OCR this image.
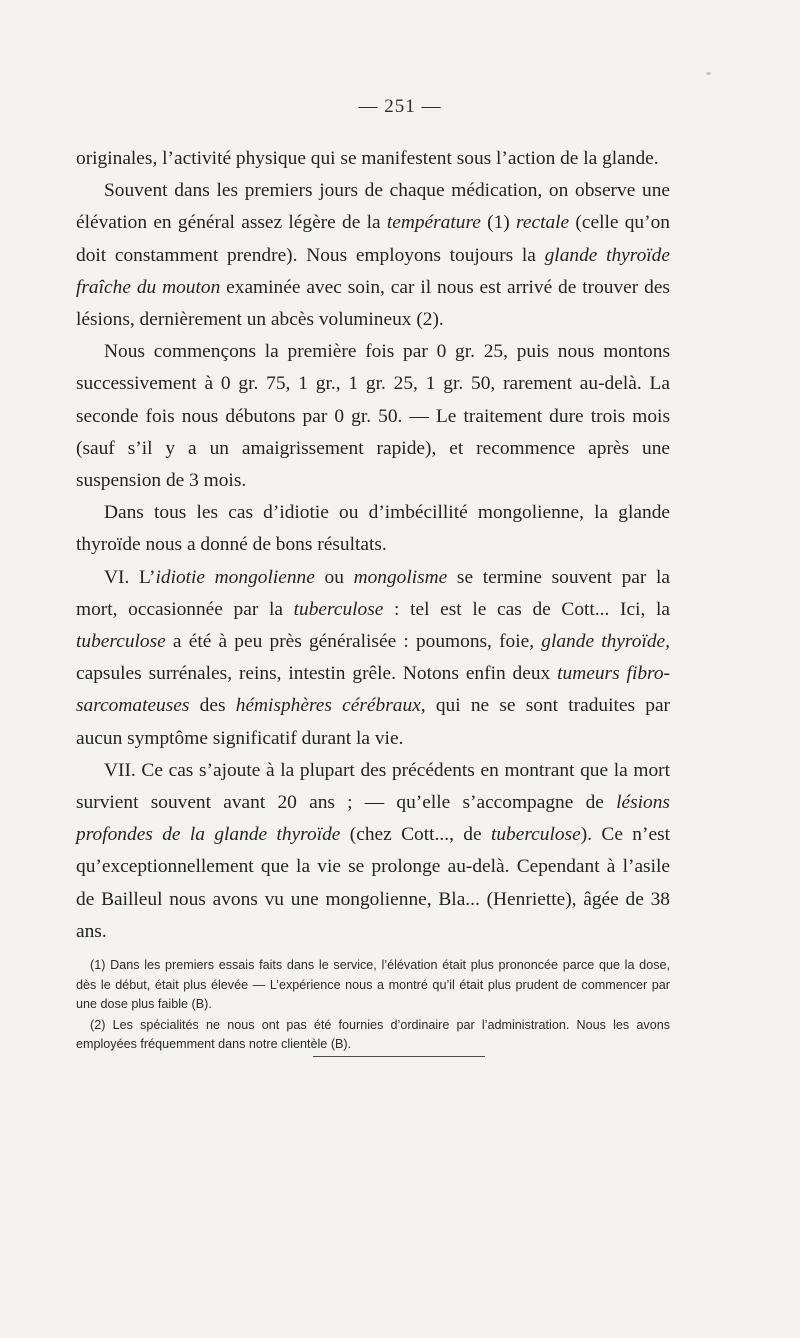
— 251 —

originales, l’activité physique qui se manifestent sous l’action de la glande.

Souvent dans les premiers jours de chaque médication, on observe une élévation en général assez légère de la température (1) rectale (celle qu’on doit constamment prendre). Nous employons toujours la glande thyroïde fraîche du mouton examinée avec soin, car il nous est arrivé de trouver des lésions, dernièrement un abcès volumineux (2).

Nous commençons la première fois par 0 gr. 25, puis nous montons successivement à 0 gr. 75, 1 gr., 1 gr. 25, 1 gr. 50, rarement au-delà. La seconde fois nous débutons par 0 gr. 50. — Le traitement dure trois mois (sauf s’il y a un amaigrissement rapide), et recommence après une suspension de 3 mois.

Dans tous les cas d’idiotie ou d’imbécillité mongolienne, la glande thyroïde nous a donné de bons résultats.

VI. L’idiotie mongolienne ou mongolisme se termine souvent par la mort, occasionnée par la tuberculose : tel est le cas de Cott... Ici, la tuberculose a été à peu près généralisée : poumons, foie, glande thyroïde, capsules surrénales, reins, intestin grêle. Notons enfin deux tumeurs fibro-sarcomateuses des hémisphères cérébraux, qui ne se sont traduites par aucun symptôme significatif durant la vie.

VII. Ce cas s’ajoute à la plupart des précédents en montrant que la mort survient souvent avant 20 ans ; — qu’elle s’accompagne de lésions profondes de la glande thyroïde (chez Cott..., de tuberculose). Ce n’est qu’exceptionnellement que la vie se prolonge au-delà. Cependant à l’asile de Bailleul nous avons vu une mongolienne, Bla... (Henriette), âgée de 38 ans.

(1) Dans les premiers essais faits dans le service, l’élévation était plus prononcée parce que la dose, dès le début, était plus élevée — L’expérience nous a montré qu’il était plus prudent de commencer par une dose plus faible (B).

(2) Les spécialités ne nous ont pas été fournies d’ordinaire par l’administration. Nous les avons employées fréquemment dans notre clientèle (B).
